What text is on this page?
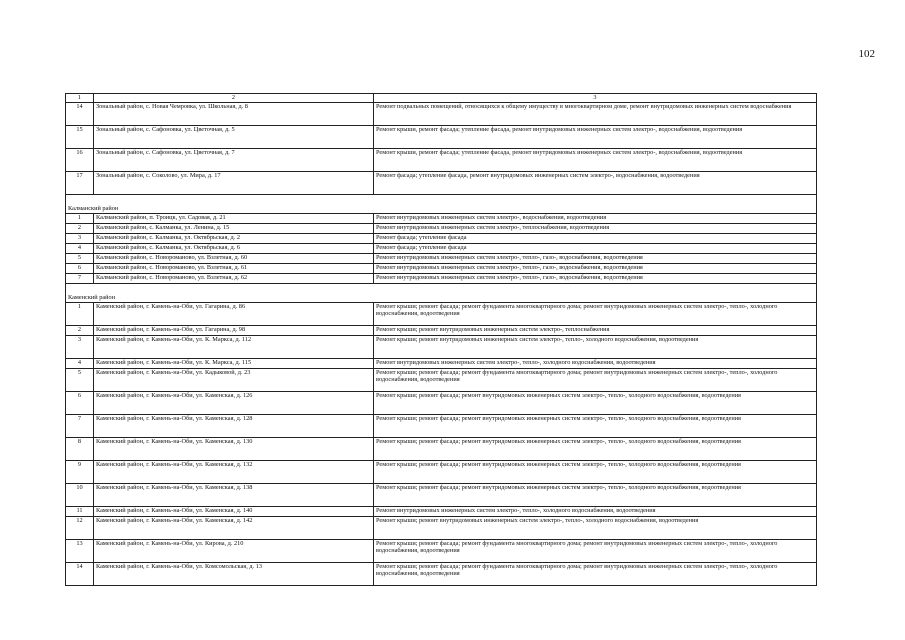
102
1	2	3
14	Зональный район, с. Новая Чемровка, ул. Школьная, д. 8	Ремонт подвальных помещений, относящихся к общему имуществу в многоквартирном доме, ремонт внутридомовых инженерных систем водоснабжения
15	Зональный район, с. Сафоновка, ул. Цветочная, д. 5	Ремонт крыши, ремонт фасада; утепление фасада, ремонт внутридомовых инженерных систем электро-, водоснабжения, водоотведения
16	Зональный район, с. Сафоновка, ул. Цветочная, д. 7	Ремонт крыши, ремонт фасада; утепление фасада, ремонт внутридомовых инженерных систем электро-, водоснабжения, водоотведения
17	Зональный район, с. Соколово, ул. Мира, д. 17	Ремонт фасада; утепление фасада, ремонт внутридомовых инженерных систем электро-, водоснабжения, водоотведения
Калманский район		
1	Калманский район, п. Троицк, ул. Садовая, д. 21	Ремонт внутридомовых инженерных систем электро-, водоснабжения, водоотведения
2	Калманский район, с. Калманка, ул. Ленина, д. 15	Ремонт внутридомовых инженерных систем электро-, теплоснабжения, водоотведения
3	Калманский район, с. Калманка, ул. Октябрьская, д. 2	Ремонт фасада; утепление фасада
4	Калманский район, с. Калманка, ул. Октябрьская, д. 6	Ремонт фасада; утепление фасада
5	Калманский район, с. Новороманово, ул. Взлетная, д. 60	Ремонт внутридомовых инженерных систем электро-, тепло-, газо-, водоснабжения, водоотведения
6	Калманский район, с. Новороманово, ул. Взлетная, д. 61	Ремонт внутридомовых инженерных систем электро-, тепло-, газо-, водоснабжения, водоотведения
7	Калманский район, с. Новороманово, ул. Взлетная, д. 62	Ремонт внутридомовых инженерных систем электро-, тепло-, газо-, водоснабжения, водоотведения
Каменский район		
1	Каменский район, г. Камень-на-Оби, ул. Гагарина, д. 86	Ремонт крыши; ремонт фасада; ремонт фундамента многоквартирного дома; ремонт внутридомовых инженерных систем электро-, тепло-, холодного водоснабжения, водоотведения
2	Каменский район, г. Камень-на-Оби, ул. Гагарина, д. 98	Ремонт крыши; ремонт внутридомовых инженерных систем электро-, теплоснабжения
3	Каменский район, г. Камень-на-Оби, ул. К. Маркса, д. 112	Ремонт крыши; ремонт внутридомовых инженерных систем электро-, тепло-, холодного водоснабжения, водоотведения
4	Каменский район, г. Камень-на-Оби, ул. К. Маркса, д. 115	Ремонт внутридомовых инженерных систем электро-, тепло-, холодного водоснабжения, водоотведения
5	Каменский район, г. Камень-на-Оби, ул. Кадыковой, д. 23	Ремонт крыши; ремонт фасада; ремонт фундамента многоквартирного дома; ремонт внутридомовых инженерных систем электро-, тепло-, холодного водоснабжения, водоотведения
6	Каменский район, г. Камень-на-Оби, ул. Каменская, д. 126	Ремонт крыши; ремонт фасада; ремонт внутридомовых инженерных систем электро-, тепло-, холодного водоснабжения, водоотведения
7	Каменский район, г. Камень-на-Оби, ул. Каменская, д. 128	Ремонт крыши; ремонт фасада; ремонт внутридомовых инженерных систем электро-, тепло-, холодного водоснабжения, водоотведения
8	Каменский район, г. Камень-на-Оби, ул. Каменская, д. 130	Ремонт крыши; ремонт фасада; ремонт внутридомовых инженерных систем электро-, тепло-, холодного водоснабжения, водоотведения
9	Каменский район, г. Камень-на-Оби, ул. Каменская, д. 132	Ремонт крыши; ремонт фасада; ремонт внутридомовых инженерных систем электро-, тепло-, холодного водоснабжения, водоотведения
10	Каменский район, г. Камень-на-Оби, ул. Каменская, д. 138	Ремонт крыши; ремонт фасада; ремонт внутридомовых инженерных систем электро-, тепло-, холодного водоснабжения, водоотведения
11	Каменский район, г. Камень-на-Оби, ул. Каменская, д. 140	Ремонт внутридомовых инженерных систем электро-, тепло-, холодного водоснабжения, водоотведения
12	Каменский район, г. Камень-на-Оби, ул. Каменская, д. 142	Ремонт крыши; ремонт внутридомовых инженерных систем электро-, тепло-, холодного водоснабжения, водоотведения
13	Каменский район, г. Камень-на-Оби, ул. Кирова, д. 210	Ремонт крыши; ремонт фасада; ремонт фундамента многоквартирного дома; ремонт внутридомовых инженерных систем электро-, тепло-, холодного водоснабжения, водоотведения
14	Каменский район, г. Камень-на-Оби, ул. Комсомольская, д. 13	Ремонт крыши; ремонт фасада; ремонт фундамента многоквартирного дома; ремонт внутридомовых инженерных систем электро-, тепло-, холодного водоснабжения, водоотведения
